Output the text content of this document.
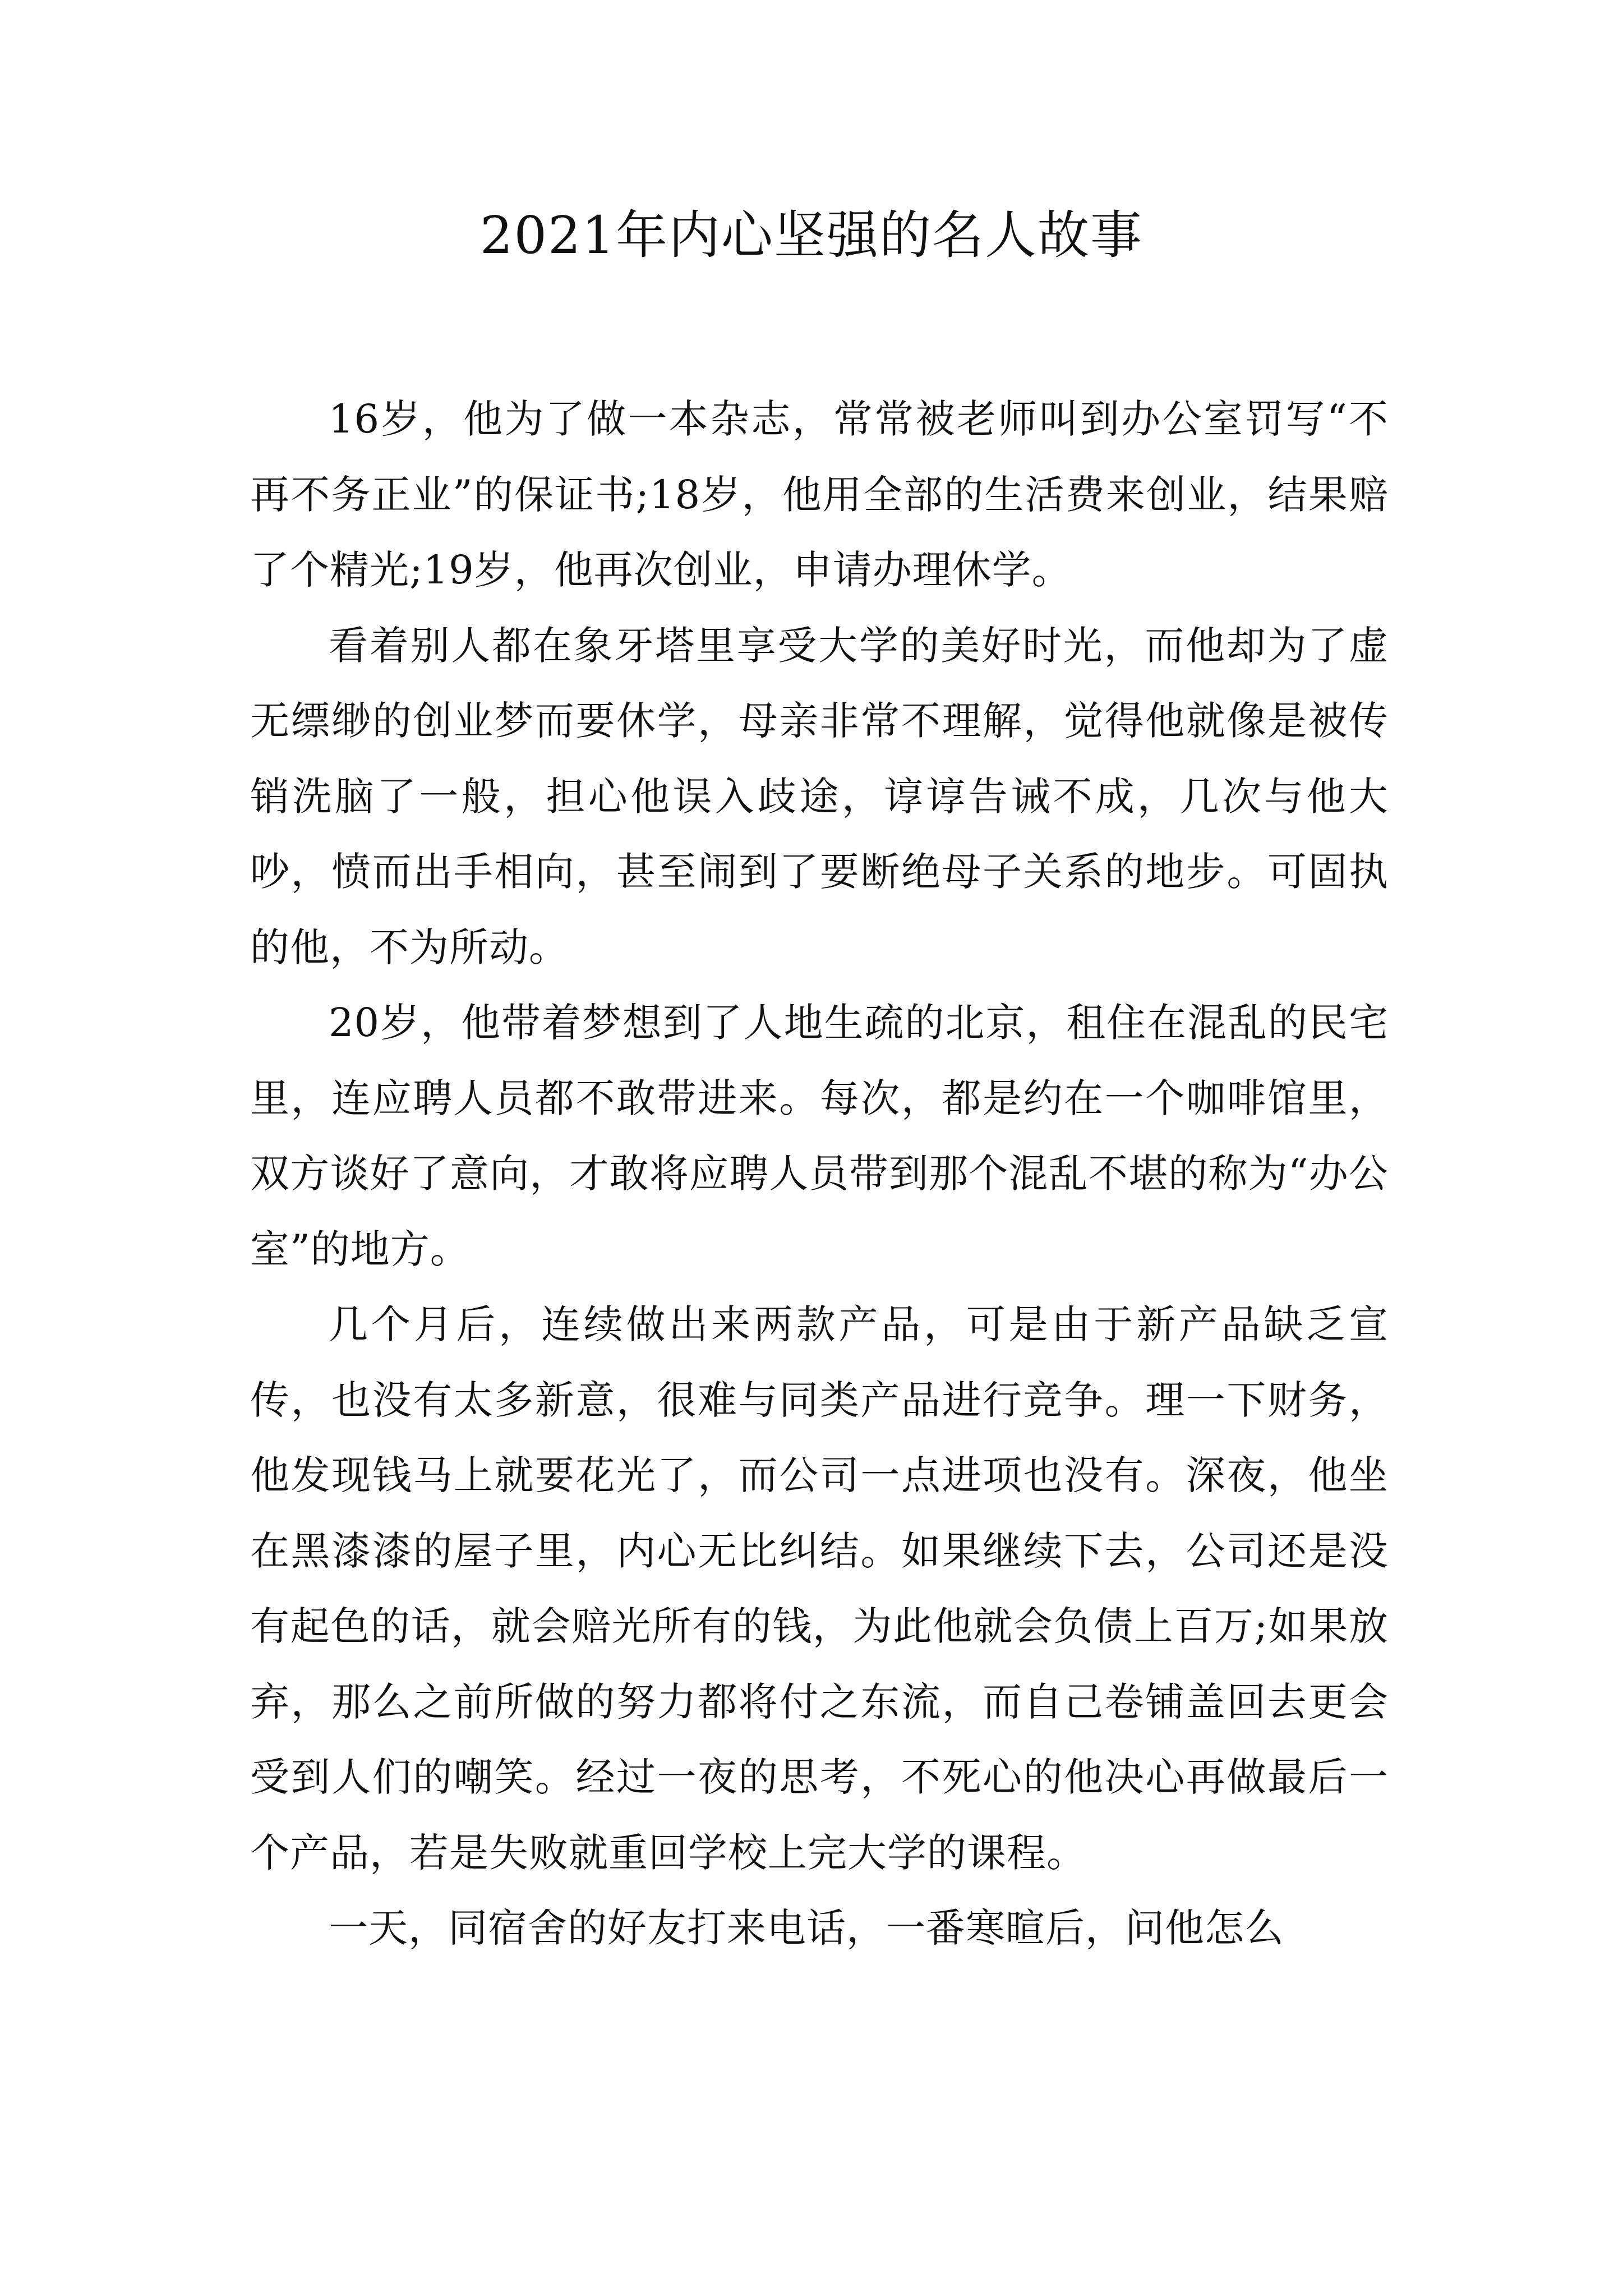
2021年内心坚强的名人故事

16岁，他为了做一本杂志，常常被老师叫到办公室罚写“不再不务正业”的保证书;18岁，他用全部的生活费来创业，结果赔了个精光;19岁，他再次创业，申请办理休学。

看着别人都在象牙塔里享受大学的美好时光，而他却为了虚无缥缈的创业梦而要休学，母亲非常不理解，觉得他就像是被传销洗脑了一般，担心他误入歧途，谆谆告诫不成，几次与他大吵，愤而出手相向，甚至闹到了要断绝母子关系的地步。可固执的他，不为所动。

20岁，他带着梦想到了人地生疏的北京，租住在混乱的民宅里，连应聘人员都不敢带进来。每次，都是约在一个咖啡馆里，双方谈好了意向，才敢将应聘人员带到那个混乱不堪的称为“办公室”的地方。

几个月后，连续做出来两款产品，可是由于新产品缺乏宣传，也没有太多新意，很难与同类产品进行竞争。理一下财务，他发现钱马上就要花光了，而公司一点进项也没有。深夜，他坐在黑漆漆的屋子里，内心无比纠结。如果继续下去，公司还是没有起色的话，就会赔光所有的钱，为此他就会负债上百万;如果放弃，那么之前所做的努力都将付之东流，而自己卷铺盖回去更会受到人们的嘲笑。经过一夜的思考，不死心的他决心再做最后一个产品，若是失败就重回学校上完大学的课程。

一天，同宿舍的好友打来电话，一番寒暄后，问他怎么
